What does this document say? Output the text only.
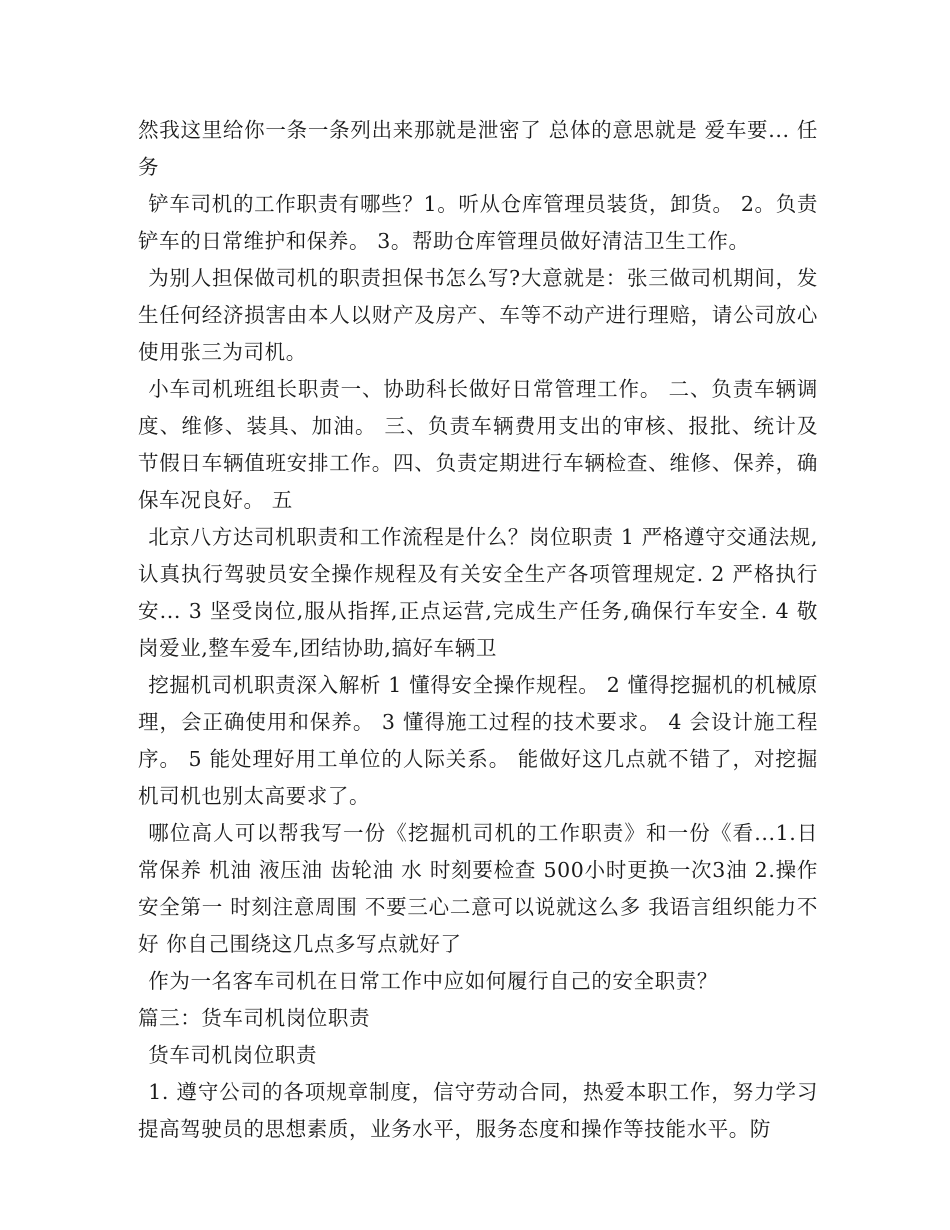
然我这里给你一条一条列出来那就是泄密了 总体的意思就是 爱车要... 任务

铲车司机的工作职责有哪些？1。听从仓库管理员装货，卸货。 2。负责铲车的日常维护和保养。 3。帮助仓库管理员做好清洁卫生工作。

为别人担保做司机的职责担保书怎么写?大意就是：张三做司机期间，发生任何经济损害由本人以财产及房产、车等不动产进行理赔，请公司放心使用张三为司机。

小车司机班组长职责一、协助科长做好日常管理工作。 二、负责车辆调度、维修、装具、加油。 三、负责车辆费用支出的审核、报批、统计及节假日车辆值班安排工作。四、负责定期进行车辆检查、维修、保养，确保车况良好。 五

北京八方达司机职责和工作流程是什么？岗位职责 1 严格遵守交通法规,认真执行驾驶员安全操作规程及有关安全生产各项管理规定. 2 严格执行安... 3 坚受岗位,服从指挥,正点运营,完成生产任务,确保行车安全. 4 敬岗爱业,整车爱车,团结协助,搞好车辆卫

挖掘机司机职责深入解析 1 懂得安全操作规程。 2 懂得挖掘机的机械原理，会正确使用和保养。 3 懂得施工过程的技术要求。 4 会设计施工程序。 5 能处理好用工单位的人际关系。 能做好这几点就不错了，对挖掘机司机也别太高要求了。

哪位高人可以帮我写一份《挖掘机司机的工作职责》和一份《看...1.日常保养 机油 液压油 齿轮油 水 时刻要检查 500小时更换一次3油 2.操作 安全第一 时刻注意周围 不要三心二意可以说就这么多 我语言组织能力不好 你自己围绕这几点多写点就好了

作为一名客车司机在日常工作中应如何履行自己的安全职责？

篇三：货车司机岗位职责

货车司机岗位职责

1. 遵守公司的各项规章制度，信守劳动合同，热爱本职工作，努力学习提高驾驶员的思想素质，业务水平，服务态度和操作等技能水平。防
